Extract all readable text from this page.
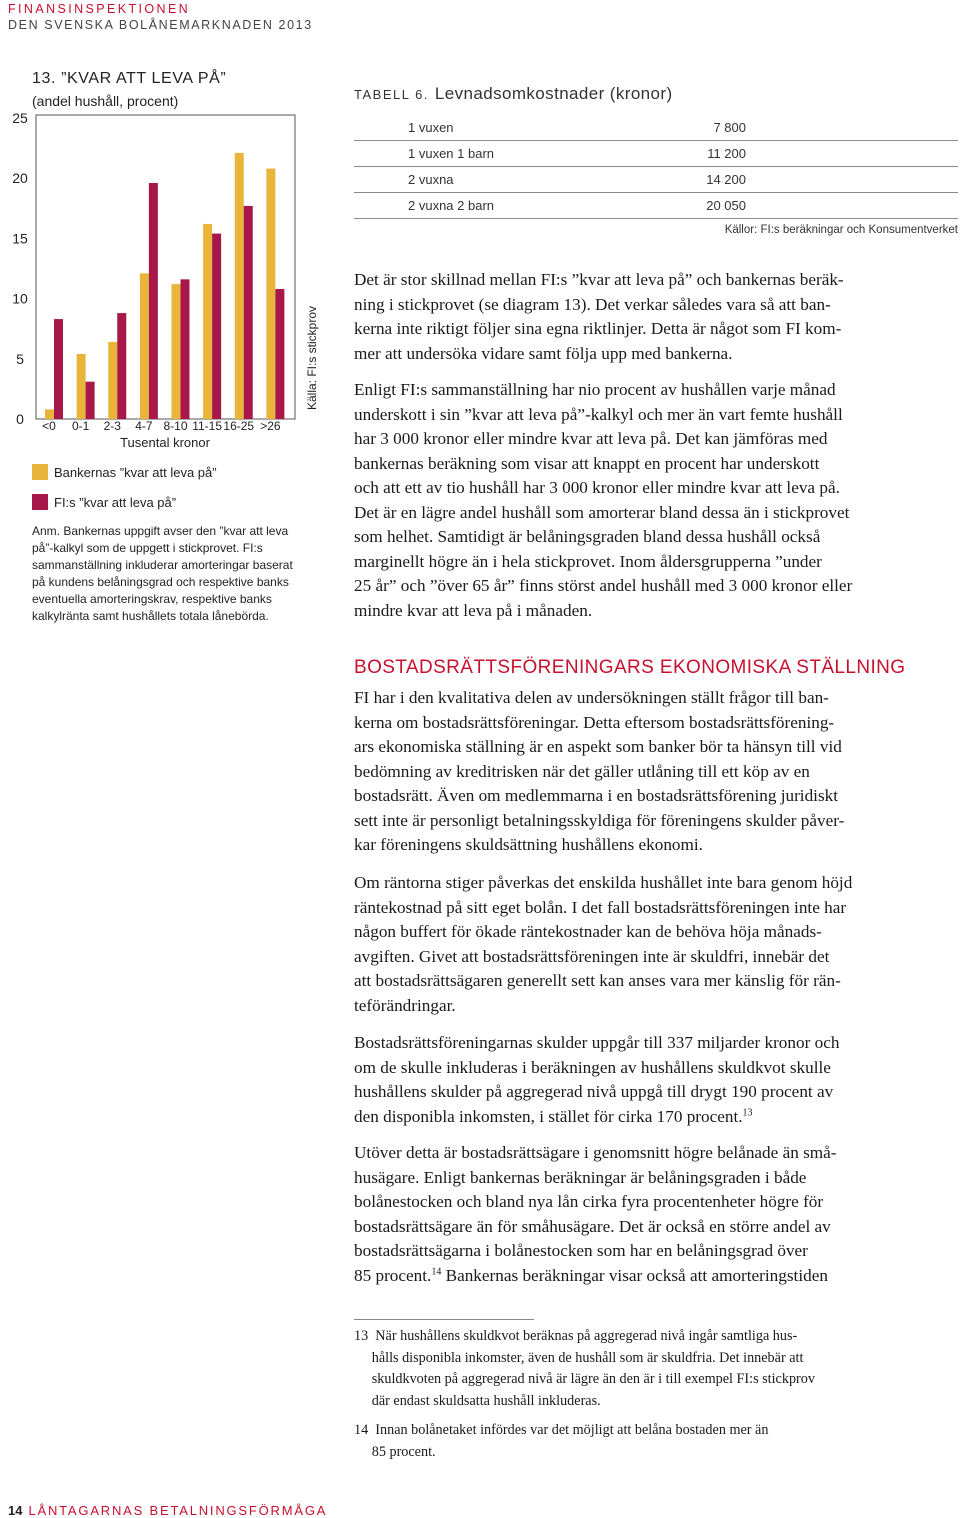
FINANSINSPEKTIONEN
DEN SVENSKA BOLÅNEMARKNADEN 2013
13. ”KVAR ATT LEVA PÅ”
(andel hushåll, procent)
0
5
10
15
20
25
<0 0-1 2-3 4-7 8-10 11-15 16-25 >26
Tusental kronor
Källa: FI:s stickprov
Bankernas ”kvar att leva på”
FI:s ”kvar att leva på”
Anm. Bankernas uppgift avser den ”kvar att leva
på”-kalkyl som de uppgett i stickprovet. FI:s
sammanställning inkluderar amorteringar baserat
på kundens belåningsgrad och respektive banks
eventuella amorteringskrav, respektive banks
kalkylränta samt hushållets totala lånebörda.
TABELL 6. Levnadsomkostnader (kronor)
1 vuxen	7 800
1 vuxen 1 barn	11 200
2 vuxna	14 200
2 vuxna 2 barn	20 050
Källor: FI:s beräkningar och Konsumentverket

Det är stor skillnad mellan FI:s ”kvar att leva på” och bankernas beräk-

ning i stickprovet (se diagram 13). Det verkar således vara så att ban-

kerna inte riktigt följer sina egna riktlinjer. Detta är något som FI kom-

mer att undersöka vidare samt följa upp med bankerna.

Enligt FI:s sammanställning har nio procent av hushållen varje månad

underskott i sin ”kvar att leva på”-kalkyl och mer än vart femte hushåll

har 3 000 kronor eller mindre kvar att leva på. Det kan jämföras med

bankernas beräkning som visar att knappt en procent har underskott

och att ett av tio hushåll har 3 000 kronor eller mindre kvar att leva på.

Det är en lägre andel hushåll som amorterar bland dessa än i stickprovet

som helhet. Samtidigt är belåningsgraden bland dessa hushåll också

marginellt högre än i hela stickprovet. Inom åldersgrupperna ”under

25 år” och ”över 65 år” finns störst andel hushåll med 3 000 kronor eller

mindre kvar att leva på i månaden.

BOSTADSRÄTTSFÖRENINGARS EKONOMISKA STÄLLNING

FI har i den kvalitativa delen av undersökningen ställt frågor till ban-

kerna om bostadsrättsföreningar. Detta eftersom bostadsrättsförening-

ars ekonomiska ställning är en aspekt som banker bör ta hänsyn till vid

bedömning av kreditrisken när det gäller utlåning till ett köp av en

bostadsrätt. Även om medlemmarna i en bostadsrättsförening juridiskt

sett inte är personligt betalningsskyldiga för föreningens skulder påver-

kar föreningens skuldsättning hushållens ekonomi.

Om räntorna stiger påverkas det enskilda hushållet inte bara genom höjd

räntekostnad på sitt eget bolån. I det fall bostadsrättsföreningen inte har

någon buffert för ökade räntekostnader kan de behöva höja månads-

avgiften. Givet att bostadsrättsföreningen inte är skuldfri, innebär det

att bostadsrättsägaren generellt sett kan anses vara mer känslig för rän-

teförändringar.

Bostadsrättsföreningarnas skulder uppgår till 337 miljarder kronor och

om de skulle inkluderas i beräkningen av hushållens skuldkvot skulle

hushållens skulder på aggregerad nivå uppgå till drygt 190 procent av

den disponibla inkomsten, i stället för cirka 170 procent.$^{13}$

Utöver detta är bostadsrättsägare i genomsnitt högre belånade än små-

husägare. Enligt bankernas beräkningar är belåningsgraden i både

bolånestocken och bland nya lån cirka fyra procentenheter högre för

bostadsrättsägare än för småhusägare. Det är också en större andel av

bostadsrättsägarna i bolånestocken som har en belåningsgrad över

85 procent.$^{14}$ Bankernas beräkningar visar också att amorteringstiden

13  När hushållens skuldkvot beräknas på aggregerad nivå ingår samtliga hus-

hålls disponibla inkomster, även de hushåll som är skuldfria. Det innebär att

skuldkvoten på aggregerad nivå är lägre än den är i till exempel FI:s stickprov

där endast skuldsatta hushåll inkluderas.

14  Innan bolånetaket infördes var det möjligt att belåna bostaden mer än

85 procent.

14 LÅNTAGARNAS BETALNINGSFÖRMÅGA
